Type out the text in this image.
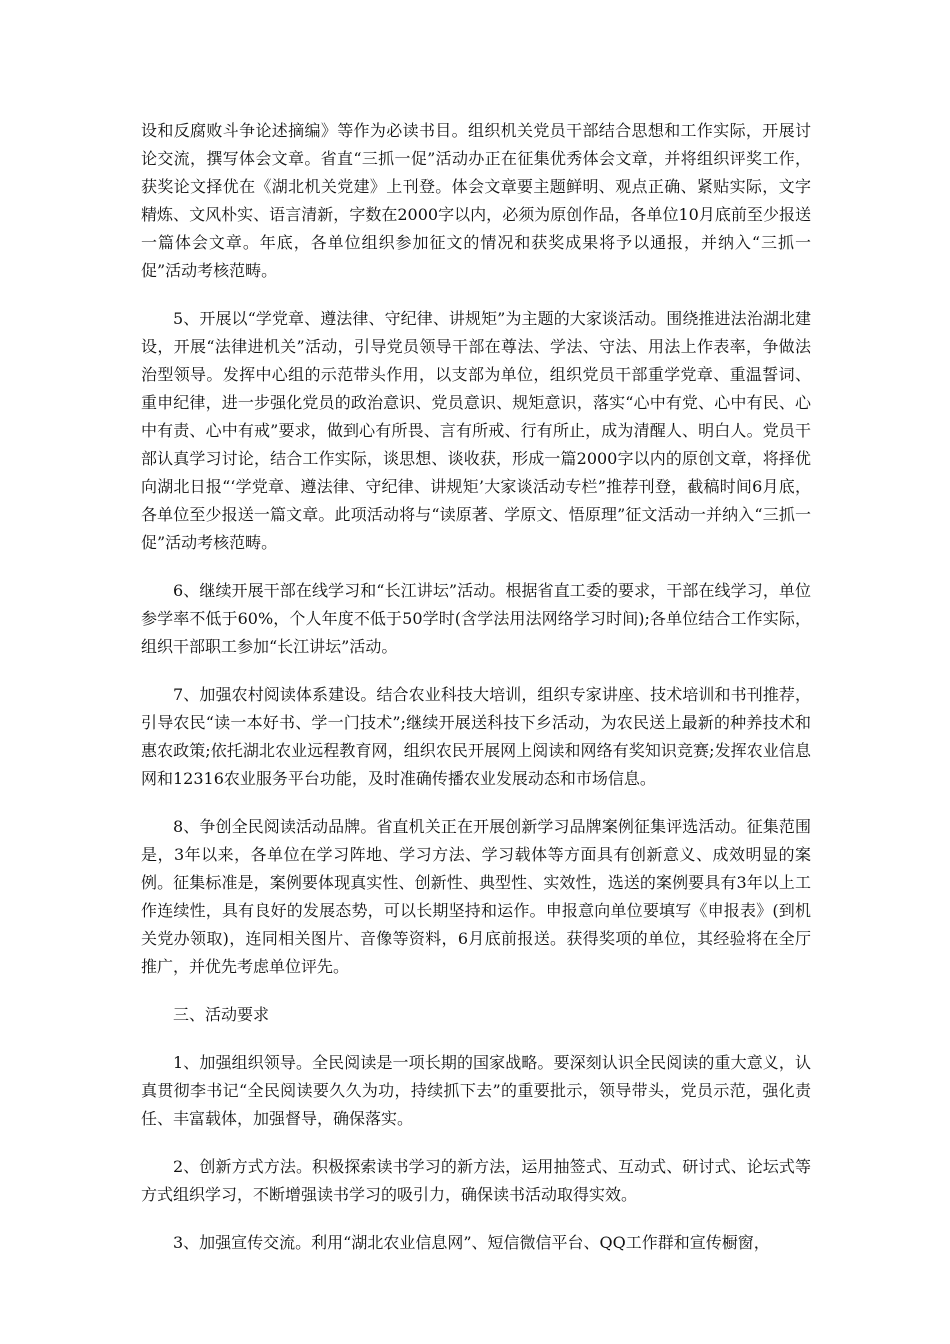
设和反腐败斗争论述摘编》等作为必读书目。组织机关党员干部结合思想和工作实际，开展讨论交流，撰写体会文章。省直“三抓一促”活动办正在征集优秀体会文章，并将组织评奖工作，获奖论文择优在《湖北机关党建》上刊登。体会文章要主题鲜明、观点正确、紧贴实际，文字精炼、文风朴实、语言清新，字数在2000字以内，必须为原创作品，各单位10月底前至少报送一篇体会文章。年底，各单位组织参加征文的情况和获奖成果将予以通报，并纳入“三抓一促”活动考核范畴。

5、开展以“学党章、遵法律、守纪律、讲规矩”为主题的大家谈活动。围绕推进法治湖北建设，开展“法律进机关”活动，引导党员领导干部在尊法、学法、守法、用法上作表率，争做法治型领导。发挥中心组的示范带头作用，以支部为单位，组织党员干部重学党章、重温誓词、重申纪律，进一步强化党员的政治意识、党员意识、规矩意识，落实“心中有党、心中有民、心中有责、心中有戒”要求，做到心有所畏、言有所戒、行有所止，成为清醒人、明白人。党员干部认真学习讨论，结合工作实际，谈思想、谈收获，形成一篇2000字以内的原创文章，将择优向湖北日报“‘学党章、遵法律、守纪律、讲规矩’大家谈活动专栏”推荐刊登，截稿时间6月底，各单位至少报送一篇文章。此项活动将与“读原著、学原文、悟原理”征文活动一并纳入“三抓一促”活动考核范畴。

6、继续开展干部在线学习和“长江讲坛”活动。根据省直工委的要求，干部在线学习，单位参学率不低于60%，个人年度不低于50学时(含学法用法网络学习时间);各单位结合工作实际，组织干部职工参加“长江讲坛”活动。

7、加强农村阅读体系建设。结合农业科技大培训，组织专家讲座、技术培训和书刊推荐，引导农民“读一本好书、学一门技术”;继续开展送科技下乡活动，为农民送上最新的种养技术和惠农政策;依托湖北农业远程教育网，组织农民开展网上阅读和网络有奖知识竞赛;发挥农业信息网和12316农业服务平台功能，及时准确传播农业发展动态和市场信息。

8、争创全民阅读活动品牌。省直机关正在开展创新学习品牌案例征集评选活动。征集范围是，3年以来，各单位在学习阵地、学习方法、学习载体等方面具有创新意义、成效明显的案例。征集标准是，案例要体现真实性、创新性、典型性、实效性，选送的案例要具有3年以上工作连续性，具有良好的发展态势，可以长期坚持和运作。申报意向单位要填写《申报表》(到机关党办领取)，连同相关图片、音像等资料，6月底前报送。获得奖项的单位，其经验将在全厅推广，并优先考虑单位评先。

三、活动要求

1、加强组织领导。全民阅读是一项长期的国家战略。要深刻认识全民阅读的重大意义，认真贯彻李书记“全民阅读要久久为功，持续抓下去”的重要批示，领导带头，党员示范，强化责任、丰富载体，加强督导，确保落实。

2、创新方式方法。积极探索读书学习的新方法，运用抽签式、互动式、研讨式、论坛式等方式组织学习，不断增强读书学习的吸引力，确保读书活动取得实效。

3、加强宣传交流。利用“湖北农业信息网”、短信微信平台、QQ工作群和宣传橱窗，
